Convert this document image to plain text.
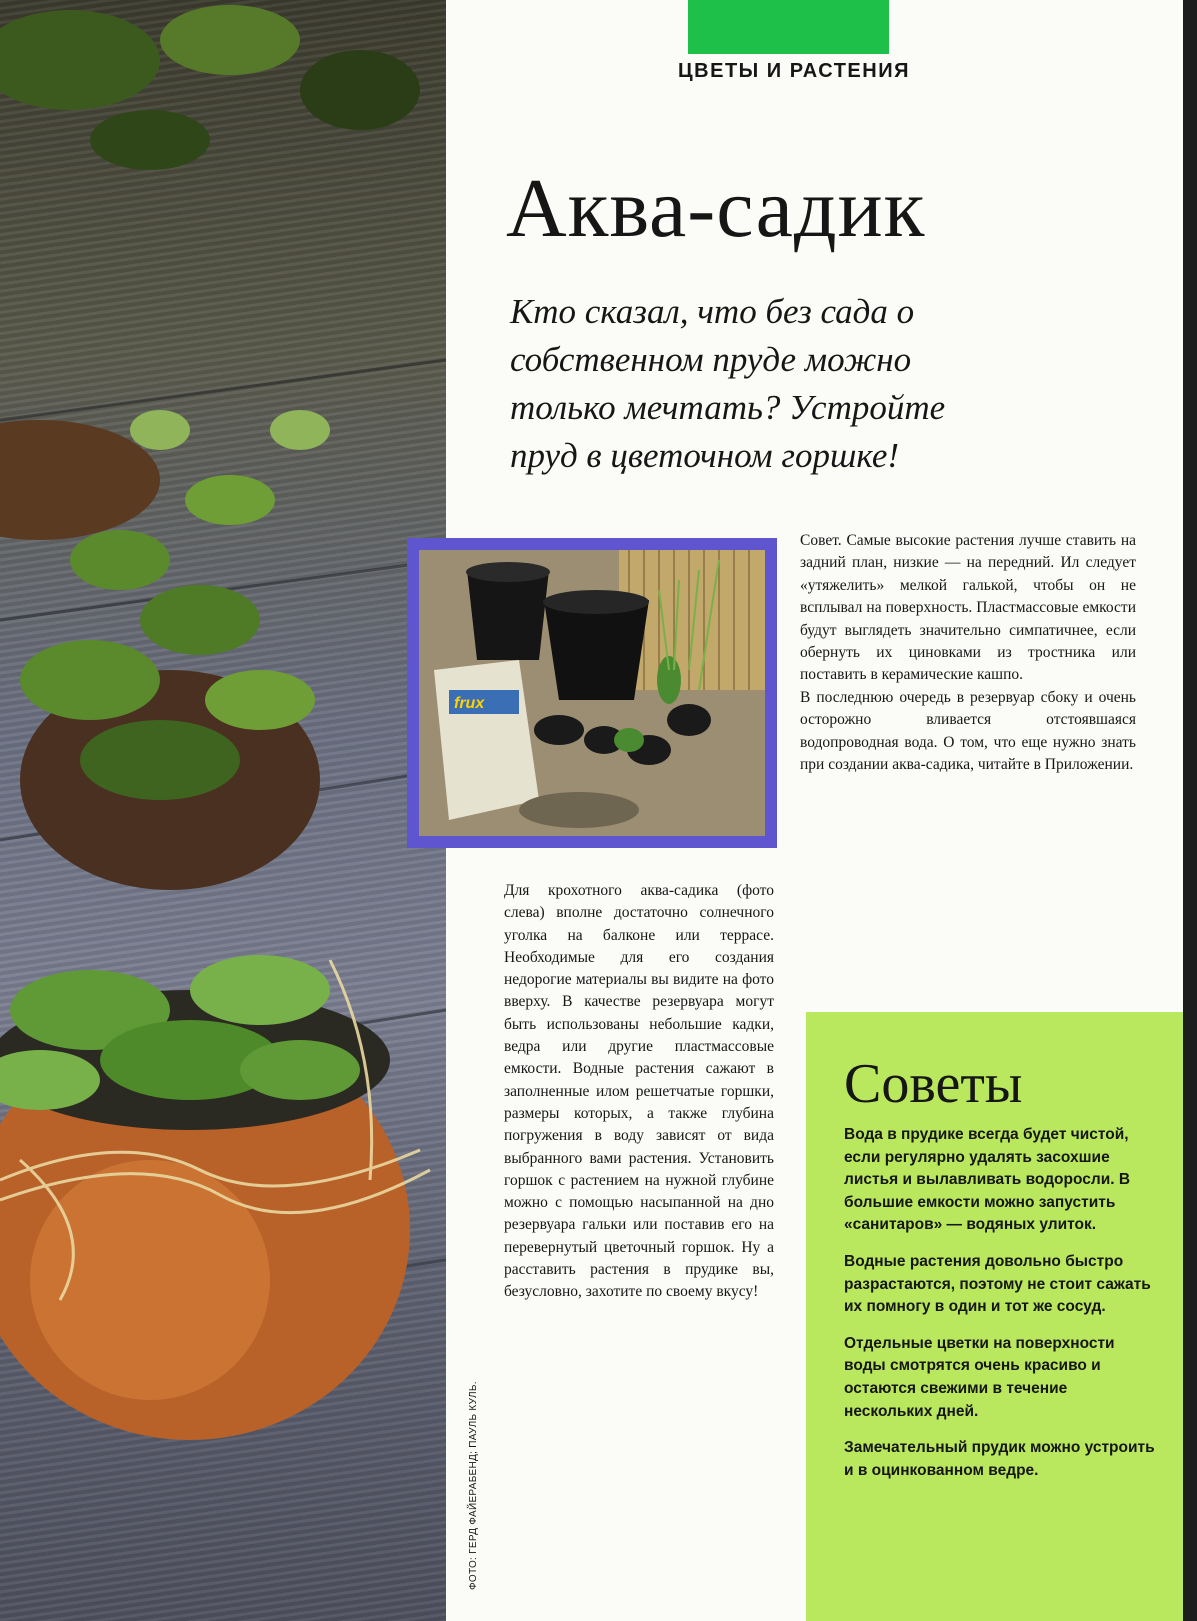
ЦВЕТЫ И РАСТЕНИЯ
Аква-садик

Кто сказал, что без сада о собственном пруде можно только мечтать? Устройте пруд в цветочном горшке!

frux

Совет. Самые высокие растения лучше ставить на задний план, низкие — на передний. Ил следует «утяжелить» мелкой галькой, чтобы он не всплывал на поверхность. Пластмассовые емкости будут выглядеть значительно симпатичнее, если обернуть их циновками из тростника или поставить в керамические кашпо.
В последнюю очередь в резервуар сбоку и очень осторожно вливается отстоявшаяся водопроводная вода. О том, что еще нужно знать при создании аква-садика, читайте в Приложении.

Для крохотного аква-садика (фото слева) вполне достаточно солнечного уголка на балконе или террасе. Необходимые для его создания недорогие материалы вы видите на фото вверху. В качестве резервуара могут быть использованы небольшие кадки, ведра или другие пластмассовые емкости. Водные растения сажают в заполненные илом решетчатые горшки, размеры которых, а также глубина погружения в воду зависят от вида выбранного вами растения. Установить горшок с растением на нужной глубине можно с помощью насыпанной на дно резервуара гальки или поставив его на перевернутый цветочный горшок. Ну а расставить растения в прудике вы, безусловно, захотите по своему вкусу!

ФОТО: ГЕРД ФАЙЕРАБЕНД; ПАУЛЬ КУЛЬ.
Советы

Вода в прудике всегда будет чистой, если регулярно удалять засохшие листья и вылавливать водоросли. В большие емкости можно запустить «санитаров» — водяных улиток.

Водные растения довольно быстро разрастаются, поэтому не стоит сажать их помногу в один и тот же сосуд.

Отдельные цветки на поверхности воды смотрятся очень красиво и остаются свежими в течение нескольких дней.

Замечательный прудик можно устроить и в оцинкованном ведре.
